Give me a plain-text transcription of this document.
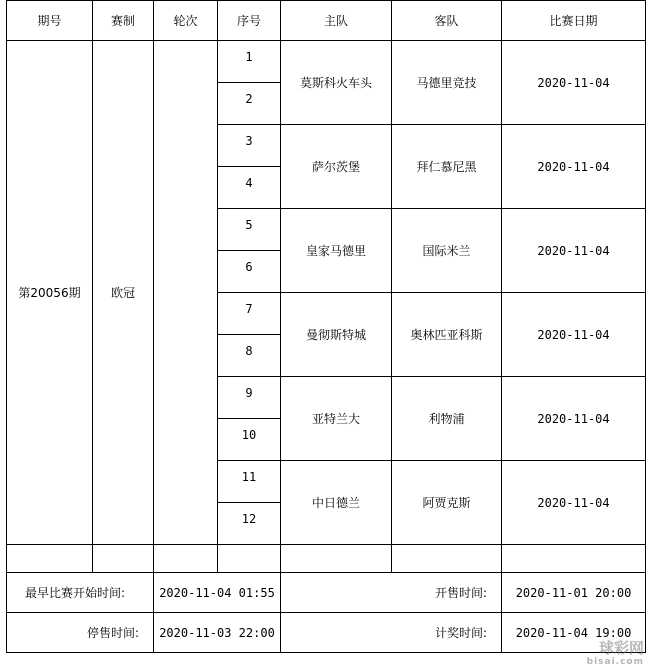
期号	赛制	轮次	序号	主队	客队	比赛日期
第20056期	欧冠		1	莫斯科火车头	马德里竞技	2020-11-04
			2			
			3	萨尔茨堡	拜仁慕尼黑	2020-11-04
			4			
			5	皇家马德里	国际米兰	2020-11-04
			6			
			7	曼彻斯特城	奥林匹亚科斯	2020-11-04
			8			
			9	亚特兰大	利物浦	2020-11-04
			10			
			11	中日德兰	阿贾克斯	2020-11-04
			12			

最早比赛开始时间:		2020-11-04 01:55		开售时间:		2020-11-01 20:00
停售时间:		2020-11-03 22:00		计奖时间:		2020-11-04 19:00
球彩网
bisai.com
